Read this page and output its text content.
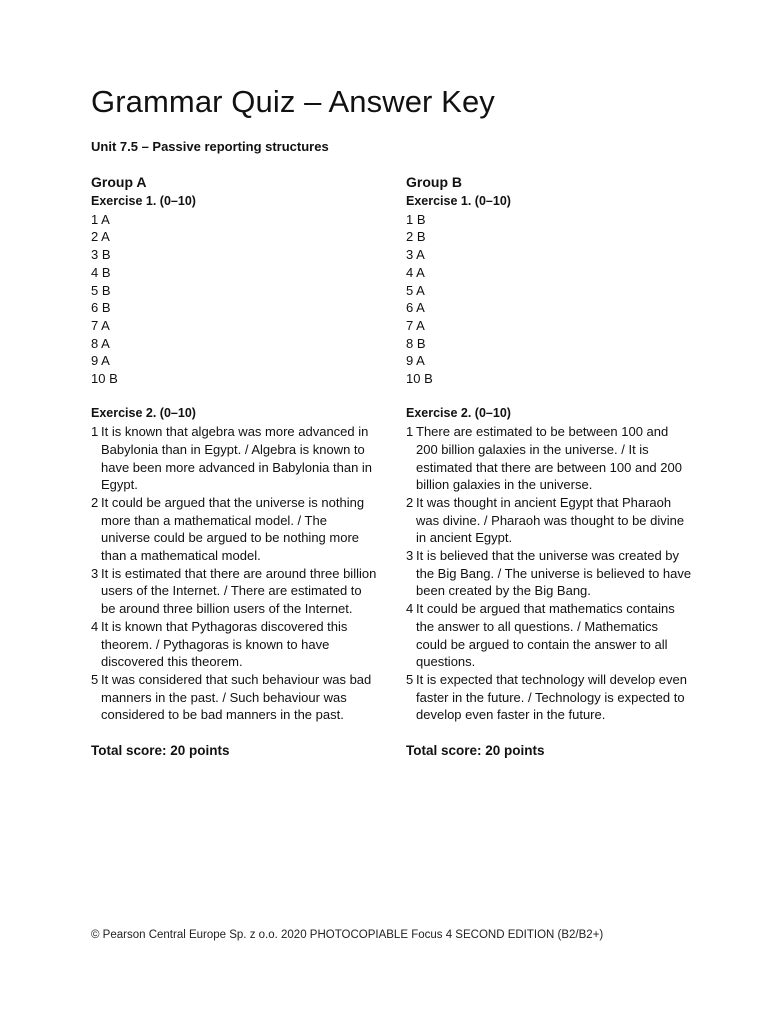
Grammar Quiz – Answer Key
Unit 7.5 – Passive reporting structures
Group A
Exercise 1. (0–10)
1 A
2 A
3 B
4 B
5 B
6 B
7 A
8 A
9 A
10 B
Exercise 2. (0–10)
1 It is known that algebra was more advanced in Babylonia than in Egypt. / Algebra is known to have been more advanced in Babylonia than in Egypt.
2 It could be argued that the universe is nothing more than a mathematical model. / The universe could be argued to be nothing more than a mathematical model.
3 It is estimated that there are around three billion users of the Internet. / There are estimated to be around three billion users of the Internet.
4 It is known that Pythagoras discovered this theorem. / Pythagoras is known to have discovered this theorem.
5 It was considered that such behaviour was bad manners in the past. / Such behaviour was considered to be bad manners in the past.
Total score: 20 points
Group B
Exercise 1. (0–10)
1 B
2 B
3 A
4 A
5 A
6 A
7 A
8 B
9 A
10 B
Exercise 2. (0–10)
1 There are estimated to be between 100 and 200 billion galaxies in the universe. / It is estimated that there are between 100 and 200 billion galaxies in the universe.
2 It was thought in ancient Egypt that Pharaoh was divine. / Pharaoh was thought to be divine in ancient Egypt.
3 It is believed that the universe was created by the Big Bang. / The universe is believed to have been created by the Big Bang.
4 It could be argued that mathematics contains the answer to all questions. / Mathematics could be argued to contain the answer to all questions.
5 It is expected that technology will develop even faster in the future. / Technology is expected to develop even faster in the future.
Total score: 20 points
© Pearson Central Europe Sp. z o.o. 2020 PHOTOCOPIABLE Focus 4 SECOND EDITION (B2/B2+)
